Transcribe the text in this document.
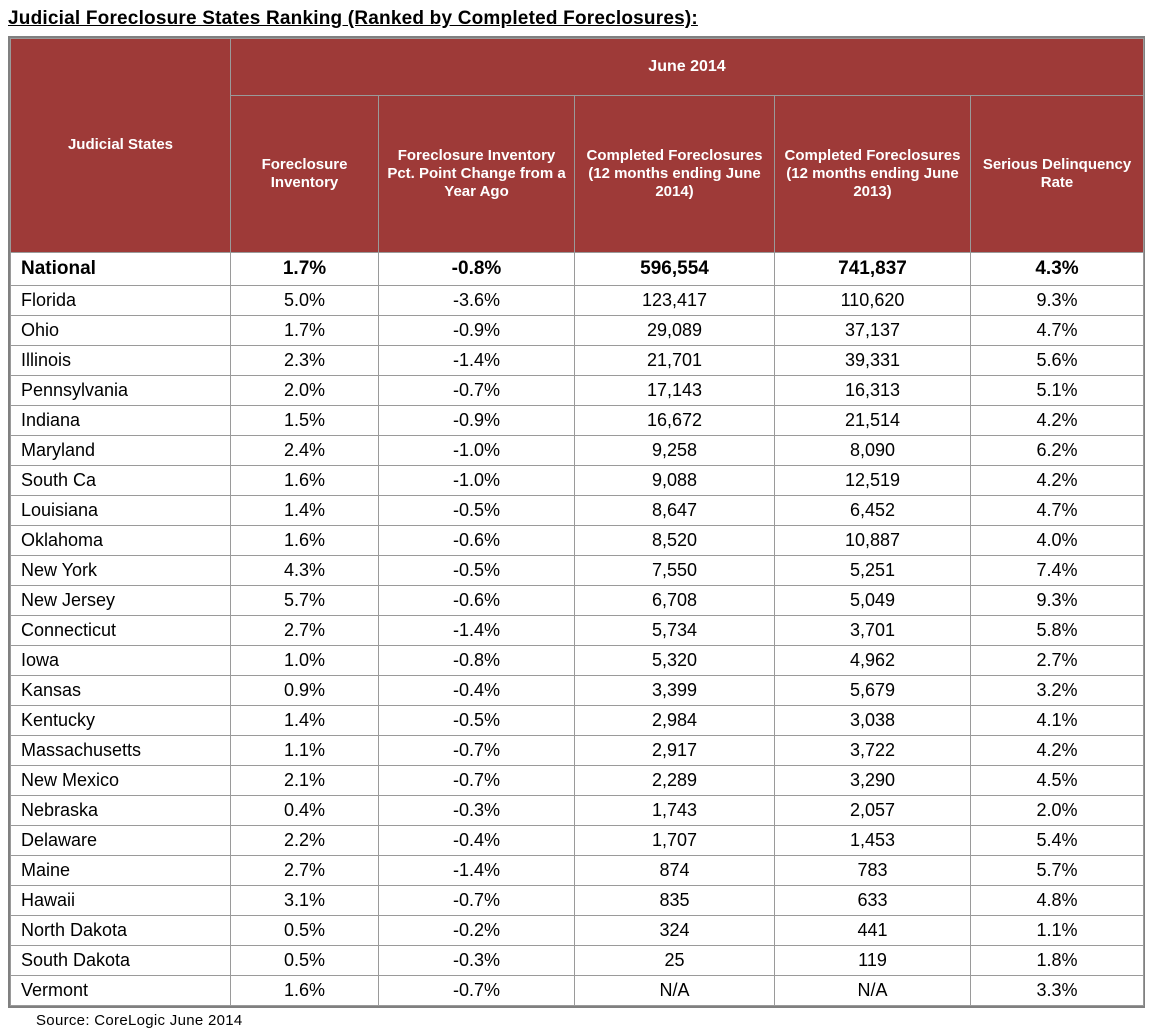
Judicial Foreclosure States Ranking (Ranked by Completed Foreclosures):
Judicial States	June 2014				
	Foreclosure Inventory	Foreclosure Inventory Pct. Point Change from a Year Ago	Completed Foreclosures (12 months ending June 2014)	Completed Foreclosures (12 months ending June 2013)	Serious Delinquency Rate
National	1.7%	-0.8%	596,554	741,837	4.3%
Florida	5.0%	-3.6%	123,417	110,620	9.3%
Ohio	1.7%	-0.9%	29,089	37,137	4.7%
Illinois	2.3%	-1.4%	21,701	39,331	5.6%
Pennsylvania	2.0%	-0.7%	17,143	16,313	5.1%
Indiana	1.5%	-0.9%	16,672	21,514	4.2%
Maryland	2.4%	-1.0%	9,258	8,090	6.2%
South Ca	1.6%	-1.0%	9,088	12,519	4.2%
Louisiana	1.4%	-0.5%	8,647	6,452	4.7%
Oklahoma	1.6%	-0.6%	8,520	10,887	4.0%
New York	4.3%	-0.5%	7,550	5,251	7.4%
New Jersey	5.7%	-0.6%	6,708	5,049	9.3%
Connecticut	2.7%	-1.4%	5,734	3,701	5.8%
Iowa	1.0%	-0.8%	5,320	4,962	2.7%
Kansas	0.9%	-0.4%	3,399	5,679	3.2%
Kentucky	1.4%	-0.5%	2,984	3,038	4.1%
Massachusetts	1.1%	-0.7%	2,917	3,722	4.2%
New Mexico	2.1%	-0.7%	2,289	3,290	4.5%
Nebraska	0.4%	-0.3%	1,743	2,057	2.0%
Delaware	2.2%	-0.4%	1,707	1,453	5.4%
Maine	2.7%	-1.4%	874	783	5.7%
Hawaii	3.1%	-0.7%	835	633	4.8%
North Dakota	0.5%	-0.2%	324	441	1.1%
South Dakota	0.5%	-0.3%	25	119	1.8%
Vermont	1.6%	-0.7%	N/A	N/A	3.3%
Source: CoreLogic June 2014
